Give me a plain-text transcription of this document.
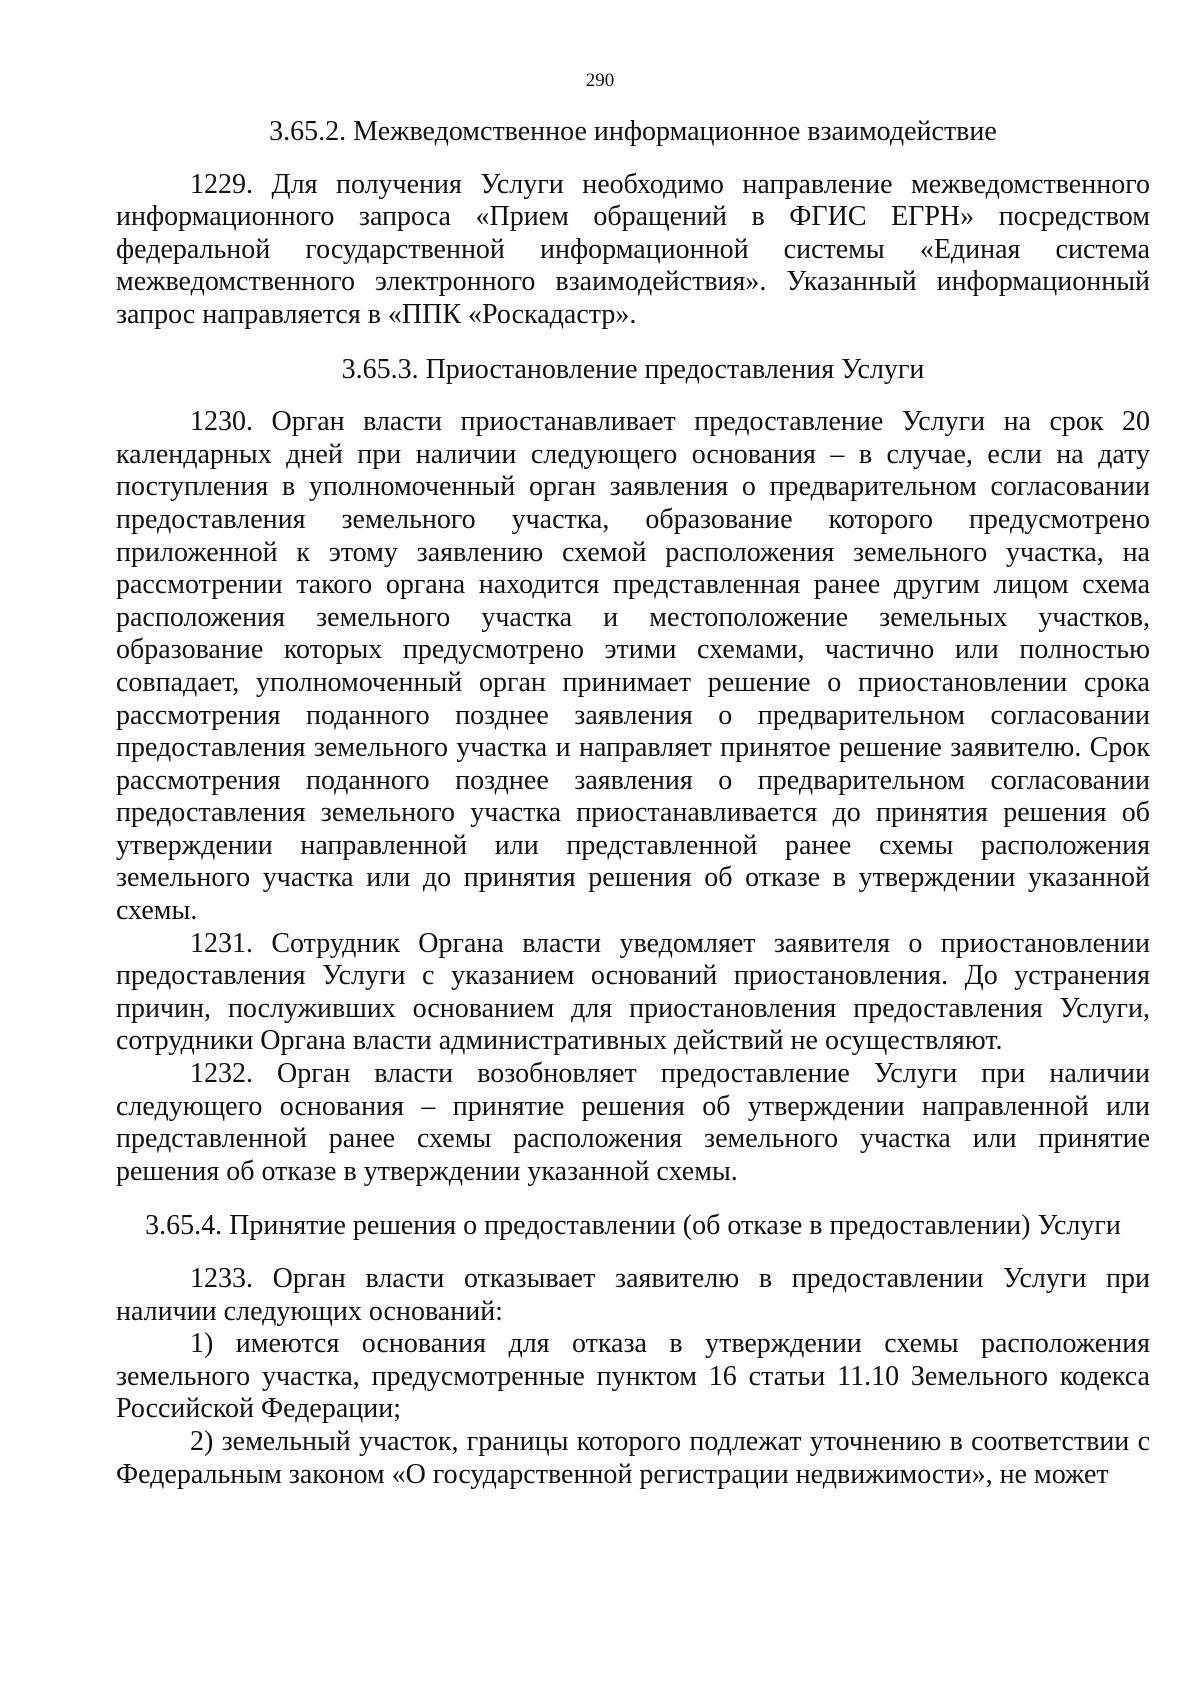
290

3.65.2. Межведомственное информационное взаимодействие

1229. Для получения Услуги необходимо направление межведомственного информационного запроса «Прием обращений в ФГИС ЕГРН» посредством федеральной государственной информационной системы «Единая система межведомственного электронного взаимодействия». Указанный информационный запрос направляется в «ППК «Роскадастр».

3.65.3. Приостановление предоставления Услуги

1230. Орган власти приостанавливает предоставление Услуги на срок 20 календарных дней при наличии следующего основания – в случае, если на дату поступления в уполномоченный орган заявления о предварительном согласовании предоставления земельного участка, образование которого предусмотрено приложенной к этому заявлению схемой расположения земельного участка, на рассмотрении такого органа находится представленная ранее другим лицом схема расположения земельного участка и местоположение земельных участков, образование которых предусмотрено этими схемами, частично или полностью совпадает, уполномоченный орган принимает решение о приостановлении срока рассмотрения поданного позднее заявления о предварительном согласовании предоставления земельного участка и направляет принятое решение заявителю. Срок рассмотрения поданного позднее заявления о предварительном согласовании предоставления земельного участка приостанавливается до принятия решения об утверждении направленной или представленной ранее схемы расположения земельного участка или до принятия решения об отказе в утверждении указанной схемы.

1231. Сотрудник Органа власти уведомляет заявителя о приостановлении предоставления Услуги с указанием оснований приостановления. До устранения причин, послуживших основанием для приостановления предоставления Услуги, сотрудники Органа власти административных действий не осуществляют.

1232. Орган власти возобновляет предоставление Услуги при наличии следующего основания – принятие решения об утверждении направленной или представленной ранее схемы расположения земельного участка или принятие решения об отказе в утверждении указанной схемы.

3.65.4. Принятие решения о предоставлении (об отказе в предоставлении) Услуги

1233. Орган власти отказывает заявителю в предоставлении Услуги при наличии следующих оснований:

1) имеются основания для отказа в утверждении схемы расположения земельного участка, предусмотренные пунктом 16 статьи 11.10 Земельного кодекса Российской Федерации;

2) земельный участок, границы которого подлежат уточнению в соответствии с Федеральным законом «О государственной регистрации недвижимости», не может
